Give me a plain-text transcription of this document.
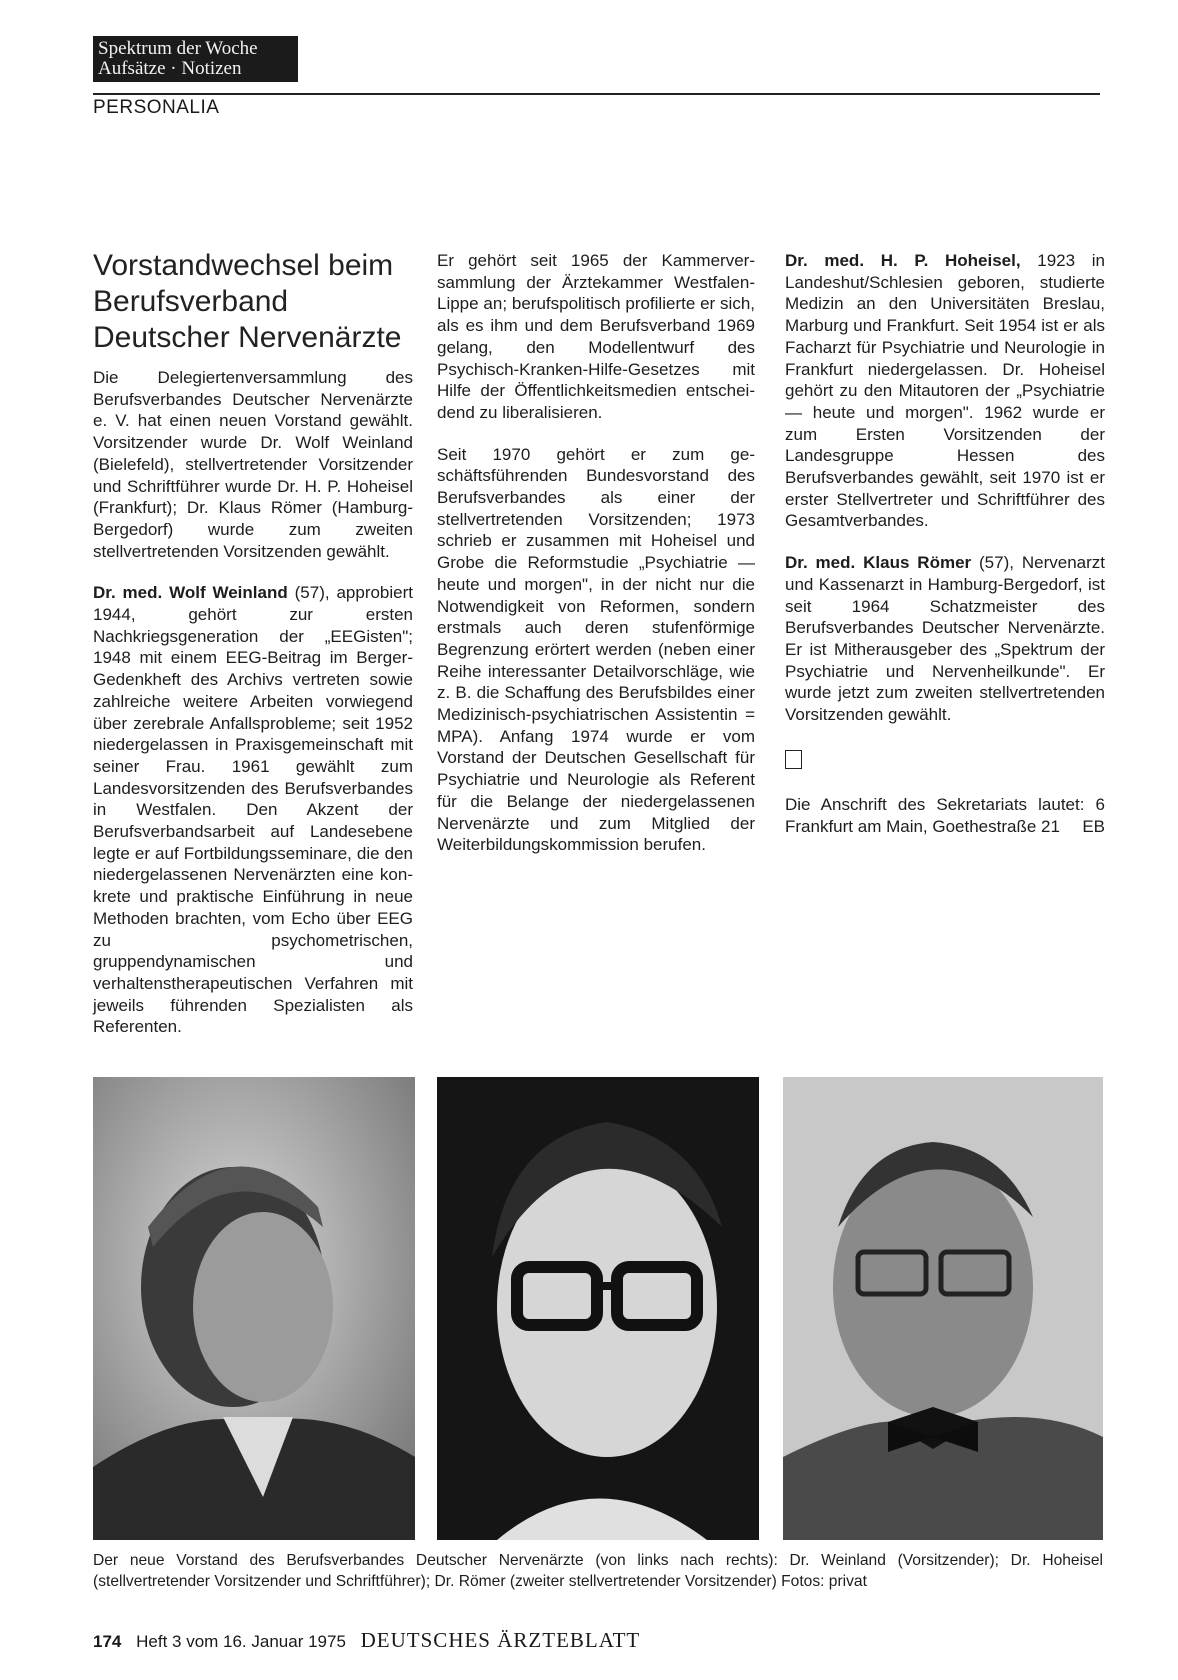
Spektrum der Woche
Aufsätze · Notizen
PERSONALIA
Vorstandwechsel beim Berufsverband Deutscher Nervenärzte

Die Delegiertenversammlung des Berufsverbandes Deutscher Nervenärzte e. V. hat einen neuen Vorstand gewählt. Vorsitzender wurde Dr. Wolf Weinland (Bielefeld), stellvertretender Vorsitzender und Schriftführer wurde Dr. H. P. Hoheisel (Frankfurt); Dr. Klaus Römer (Hamburg-Bergedorf) wurde zum zweiten stellvertretenden Vorsitzenden gewählt.

Dr. med. Wolf Weinland (57), approbiert 1944, gehört zur ersten Nachkriegsgeneration der „EEGisten"; 1948 mit einem EEG-Beitrag im Berger-Gedenkheft des Archivs vertreten sowie zahlreiche weitere Arbeiten vorwiegend über zerebrale Anfallsprobleme; seit 1952 niedergelassen in Praxisgemeinschaft mit seiner Frau. 1961 gewählt zum Landesvorsitzenden des Berufsverbandes in Westfalen. Den Akzent der Berufsverbandsarbeit auf Landesebene legte er auf Fortbildungsseminare, die den niedergelassenen Nervenärzten eine konkrete und praktische Einführung in neue Methoden brachten, vom Echo über EEG zu psychometrischen, gruppendynamischen und verhaltenstherapeutischen Verfahren mit jeweils führenden Spezialisten als Referenten.

Er gehört seit 1965 der Kammerversammlung der Ärztekammer Westfalen-Lippe an; berufspolitisch profilierte er sich, als es ihm und dem Berufsverband 1969 gelang, den Modellentwurf des Psychisch-Kranken-Hilfe-Gesetzes mit Hilfe der Öffentlichkeitsmedien entscheidend zu liberalisieren.

Seit 1970 gehört er zum geschäftsführenden Bundesvorstand des Berufsverbandes als einer der stellvertretenden Vorsitzenden; 1973 schrieb er zusammen mit Hoheisel und Grobe die Reformstudie „Psychiatrie — heute und morgen", in der nicht nur die Notwendigkeit von Reformen, sondern erstmals auch deren stufenförmige Begrenzung erörtert werden (neben einer Reihe interessanter Detailvorschläge, wie z. B. die Schaffung des Berufsbildes einer Medizinisch-psychiatrischen Assistentin = MPA). Anfang 1974 wurde er vom Vorstand der Deutschen Gesellschaft für Psychiatrie und Neurologie als Referent für die Belange der niedergelassenen Nervenärzte und zum Mitglied der Weiterbildungskommission berufen.

Dr. med. H. P. Hoheisel, 1923 in Landeshut/Schlesien geboren, studierte Medizin an den Universitäten Breslau, Marburg und Frankfurt. Seit 1954 ist er als Facharzt für Psychiatrie und Neurologie in Frankfurt niedergelassen. Dr. Hoheisel gehört zu den Mitautoren der „Psychiatrie — heute und morgen". 1962 wurde er zum Ersten Vorsitzenden der Landesgruppe Hessen des Berufsverbandes gewählt, seit 1970 ist er erster Stellvertreter und Schriftführer des Gesamtverbandes.

Dr. med. Klaus Römer (57), Nervenarzt und Kassenarzt in Hamburg-Bergedorf, ist seit 1964 Schatzmeister des Berufsverbandes Deutscher Nervenärzte. Er ist Mitherausgeber des „Spektrum der Psychiatrie und Nervenheilkunde". Er wurde jetzt zum zweiten stellvertretenden Vorsitzenden gewählt.

Die Anschrift des Sekretariats lautet: 6 Frankfurt am Main, Goethestraße 21 EB

Der neue Vorstand des Berufsverbandes Deutscher Nervenärzte (von links nach rechts): Dr. Weinland (Vorsitzender); Dr. Hoheisel (stellvertretender Vorsitzender und Schriftführer); Dr. Römer (zweiter stellvertretender Vorsitzender) Fotos: privat
174 Heft 3 vom 16. Januar 1975 DEUTSCHES ÄRZTEBLATT
